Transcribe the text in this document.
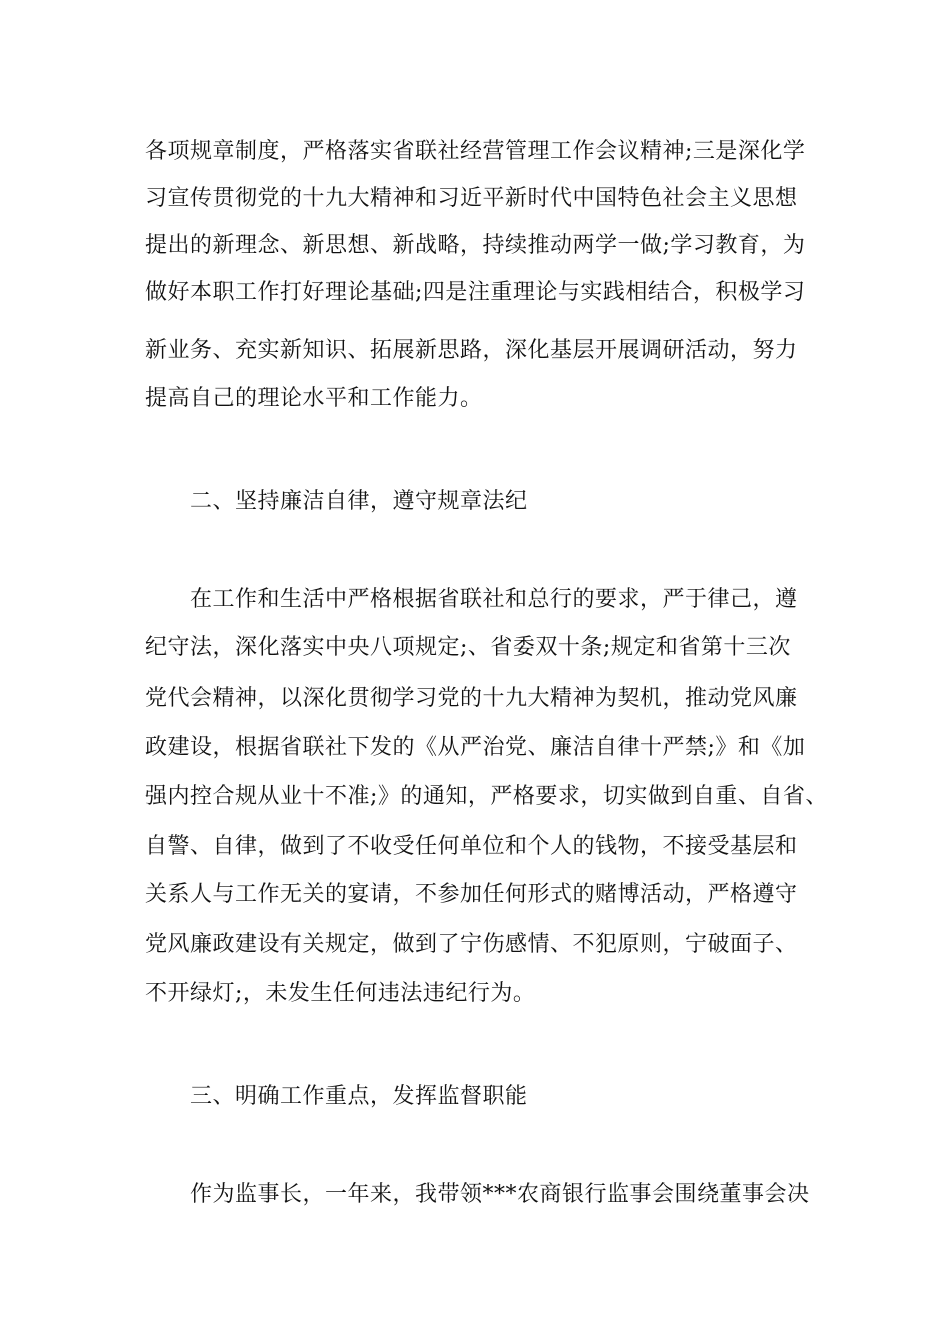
各项规章制度，严格落实省联社经营管理工作会议精神;三是深化学
习宣传贯彻党的十九大精神和习近平新时代中国特色社会主义思想
提出的新理念、新思想、新战略，持续推动两学一做;学习教育，为
做好本职工作打好理论基础;四是注重理论与实践相结合，积极学习
新业务、充实新知识、拓展新思路，深化基层开展调研活动，努力
提高自己的理论水平和工作能力。
二、坚持廉洁自律，遵守规章法纪
在工作和生活中严格根据省联社和总行的要求，严于律己，遵
纪守法，深化落实中央八项规定;、省委双十条;规定和省第十三次
党代会精神，以深化贯彻学习党的十九大精神为契机，推动党风廉
政建设，根据省联社下发的《从严治党、廉洁自律十严禁;》和《加
强内控合规从业十不准;》的通知，严格要求，切实做到自重、自省、
自警、自律，做到了不收受任何单位和个人的钱物，不接受基层和
关系人与工作无关的宴请，不参加任何形式的赌博活动，严格遵守
党风廉政建设有关规定，做到了宁伤感情、不犯原则，宁破面子、
不开绿灯;，未发生任何违法违纪行为。
三、明确工作重点，发挥监督职能
作为监事长，一年来，我带领***农商银行监事会围绕董事会决
